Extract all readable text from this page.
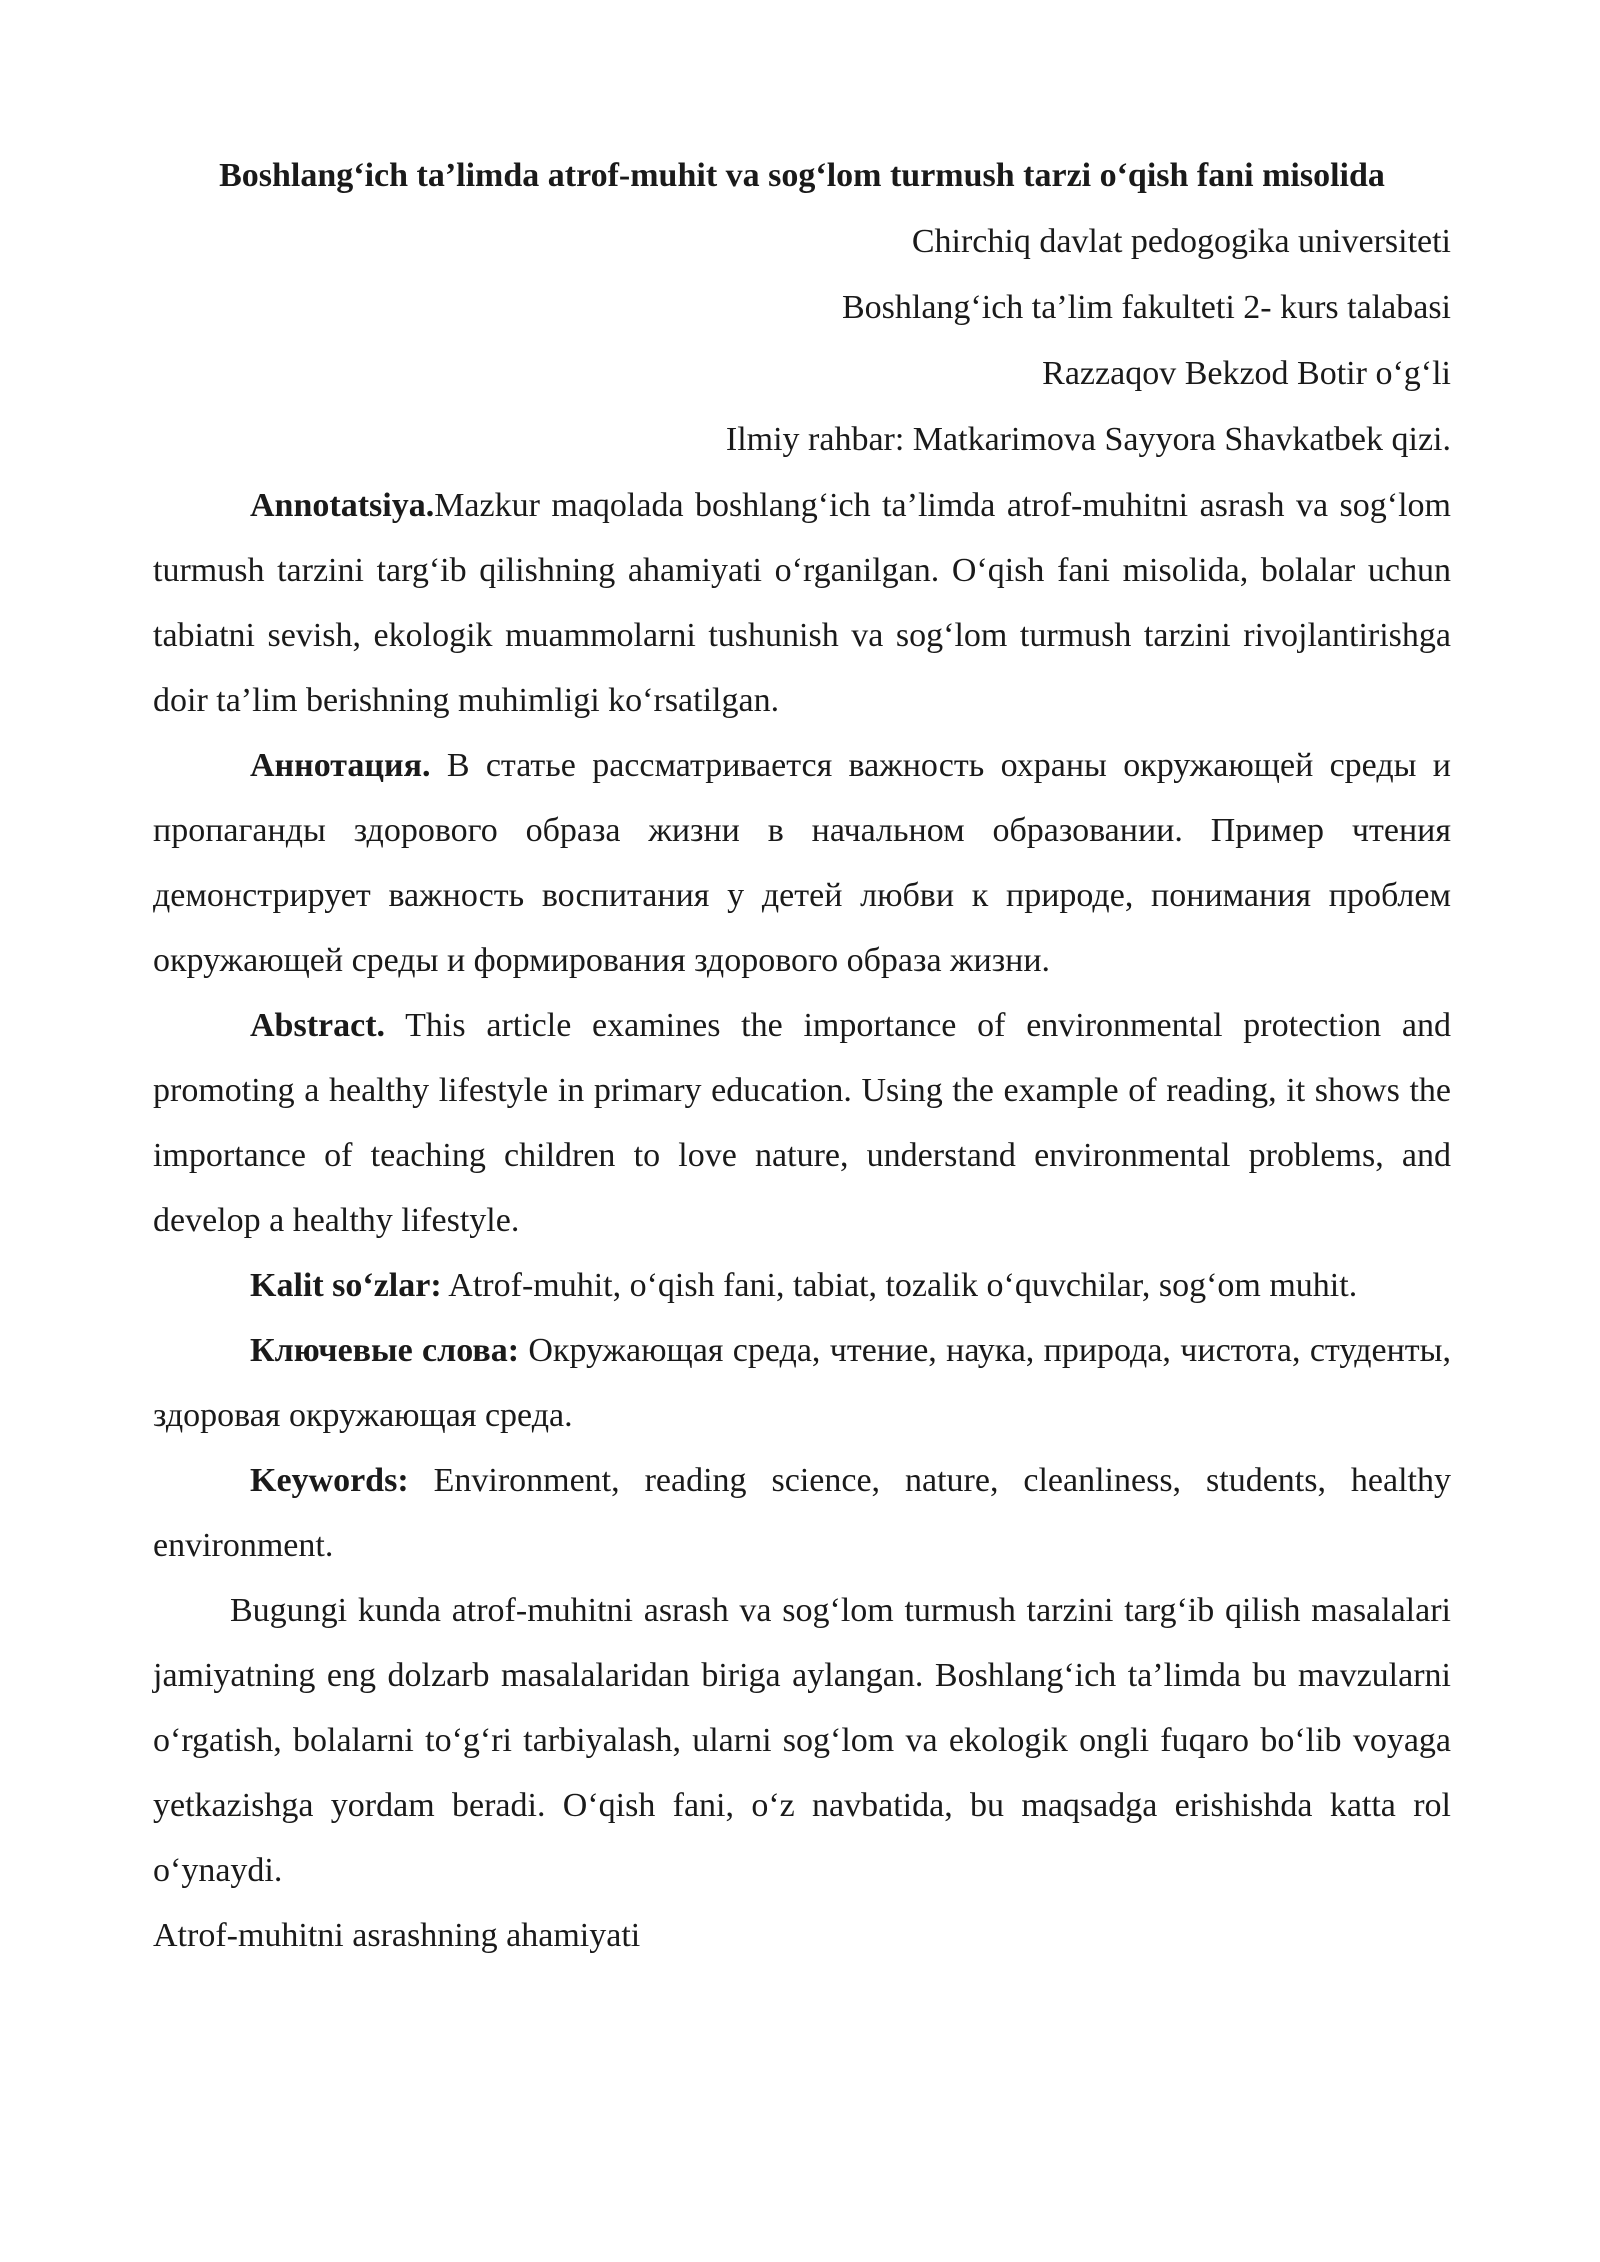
Boshlang‘ich ta’limda atrof-muhit va sog‘lom turmush tarzi o‘qish fani misolida

Chirchiq davlat pedogogika universiteti

Boshlang‘ich ta’lim fakulteti 2- kurs talabasi

Razzaqov Bekzod Botir o‘g‘li

Ilmiy rahbar: Matkarimova Sayyora Shavkatbek qizi.

Annotatsiya.Mazkur maqolada boshlang‘ich ta’limda atrof-muhitni asrash va sog‘lom turmush tarzini targ‘ib qilishning ahamiyati o‘rganilgan. O‘qish fani misolida, bolalar uchun tabiatni sevish, ekologik muammolarni tushunish va sog‘lom turmush tarzini rivojlantirishga doir ta’lim berishning muhimligi ko‘rsatilgan.

Аннотация. В статье рассматривается важность охраны окружающей среды и пропаганды здорового образа жизни в начальном образовании. Пример чтения демонстрирует важность воспитания у детей любви к природе, понимания проблем окружающей среды и формирования здорового образа жизни.

Abstract. This article examines the importance of environmental protection and promoting a healthy lifestyle in primary education. Using the example of reading, it shows the importance of teaching children to love nature, understand environmental problems, and develop a healthy lifestyle.

Kalit so‘zlar: Atrof-muhit, o‘qish fani, tabiat, tozalik o‘quvchilar, sog‘om muhit.

Ключевые слова: Окружающая среда, чтение, наука, природа, чистота, студенты, здоровая окружающая среда.

Keywords: Environment, reading science, nature, cleanliness, students, healthy environment.

Bugungi kunda atrof-muhitni asrash va sog‘lom turmush tarzini targ‘ib qilish masalalari jamiyatning eng dolzarb masalalaridan biriga aylangan. Boshlang‘ich ta’limda bu mavzularni o‘rgatish, bolalarni to‘g‘ri tarbiyalash, ularni sog‘lom va ekologik ongli fuqaro bo‘lib voyaga yetkazishga yordam beradi. O‘qish fani, o‘z navbatida, bu maqsadga erishishda katta rol o‘ynaydi.

Atrof-muhitni asrashning ahamiyati
